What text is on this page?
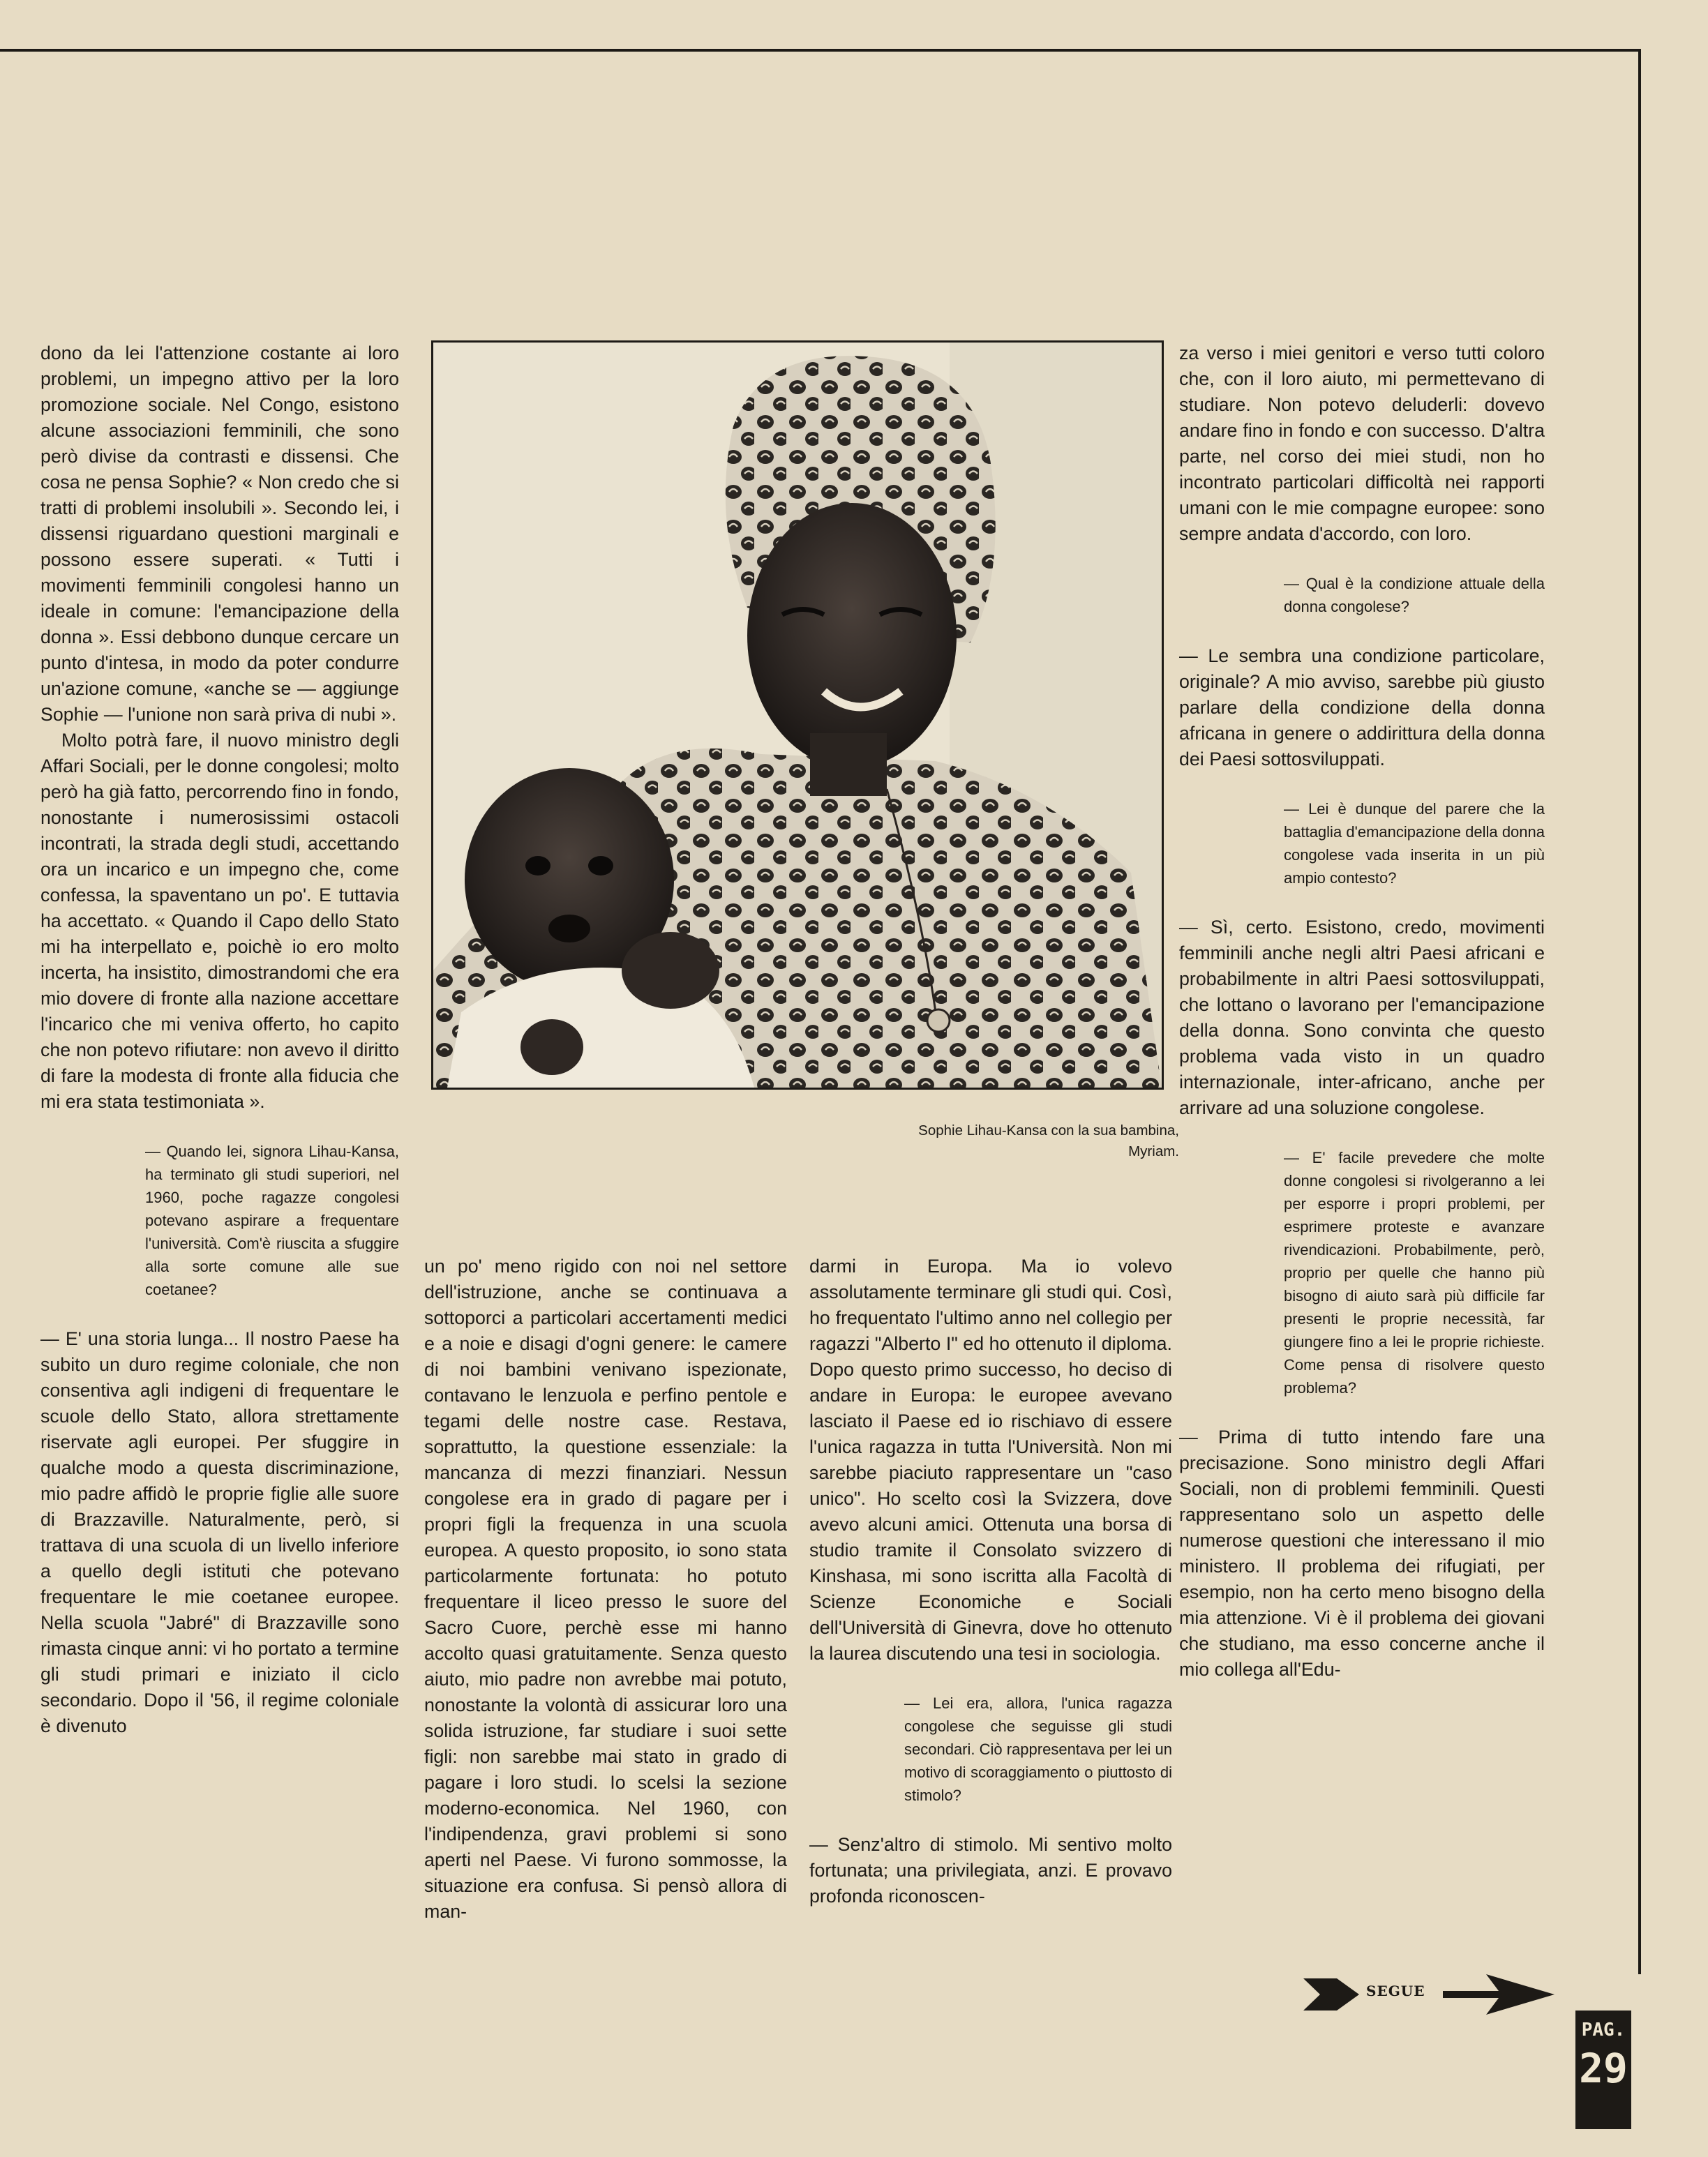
dono da lei l'attenzione costante ai loro problemi, un impegno attivo per la loro promozione sociale. Nel Congo, esistono alcune associazioni femminili, che sono però divise da contrasti e dissensi. Che cosa ne pensa Sophie? « Non credo che si tratti di problemi insolubili ». Secondo lei, i dissensi riguardano questioni marginali e possono essere superati. « Tutti i movimenti femminili congolesi hanno un ideale in comune: l'emancipazione della donna ». Essi debbono dunque cercare un punto d'intesa, in modo da poter condurre un'azione comune, «anche se — aggiunge Sophie — l'unione non sarà priva di nubi ».

Molto potrà fare, il nuovo ministro degli Affari Sociali, per le donne congolesi; molto però ha già fatto, percorrendo fino in fondo, nonostante i numerosissimi ostacoli incontrati, la strada degli studi, accettando ora un incarico e un impegno che, come confessa, la spaventano un po'. E tuttavia ha accettato. « Quando il Capo dello Stato mi ha interpellato e, poichè io ero molto incerta, ha insistito, dimostrandomi che era mio dovere di fronte alla nazione accettare l'incarico che mi veniva offerto, ho capito che non potevo rifiutare: non avevo il diritto di fare la modesta di fronte alla fiducia che mi era stata testimoniata ».

— Quando lei, signora Lihau-Kansa, ha terminato gli studi superiori, nel 1960, poche ragazze congolesi potevano aspirare a frequentare l'università. Com'è riuscita a sfuggire alla sorte comune alle sue coetanee?

— E' una storia lunga... Il nostro Paese ha subito un duro regime coloniale, che non consentiva agli indigeni di frequentare le scuole dello Stato, allora strettamente riservate agli europei. Per sfuggire in qualche modo a questa discriminazione, mio padre affidò le proprie figlie alle suore di Brazzaville. Naturalmente, però, si trattava di una scuola di un livello inferiore a quello degli istituti che potevano frequentare le mie coetanee europee. Nella scuola "Jabré" di Brazzaville sono rimasta cinque anni: vi ho portato a termine gli studi primari e iniziato il ciclo secondario. Dopo il '56, il regime coloniale è divenuto

Sophie Lihau-Kansa con la sua bambina, Myriam.

un po' meno rigido con noi nel settore dell'istruzione, anche se continuava a sottoporci a particolari accertamenti medici e a noie e disagi d'ogni genere: le camere di noi bambini venivano ispezionate, contavano le lenzuola e perfino pentole e tegami delle nostre case. Restava, soprattutto, la questione essenziale: la mancanza di mezzi finanziari. Nessun congolese era in grado di pagare per i propri figli la frequenza in una scuola europea. A questo proposito, io sono stata particolarmente fortunata: ho potuto frequentare il liceo presso le suore del Sacro Cuore, perchè esse mi hanno accolto quasi gratuitamente. Senza questo aiuto, mio padre non avrebbe mai potuto, nonostante la volontà di assicurar loro una solida istruzione, far studiare i suoi sette figli: non sarebbe mai stato in grado di pagare i loro studi. Io scelsi la sezione moderno-economica. Nel 1960, con l'indipendenza, gravi problemi si sono aperti nel Paese. Vi furono sommosse, la situazione era confusa. Si pensò allora di man-

darmi in Europa. Ma io volevo assolutamente terminare gli studi qui. Così, ho frequentato l'ultimo anno nel collegio per ragazzi "Alberto I" ed ho ottenuto il diploma. Dopo questo primo successo, ho deciso di andare in Europa: le europee avevano lasciato il Paese ed io rischiavo di essere l'unica ragazza in tutta l'Università. Non mi sarebbe piaciuto rappresentare un "caso unico". Ho scelto così la Svizzera, dove avevo alcuni amici. Ottenuta una borsa di studio tramite il Consolato svizzero di Kinshasa, mi sono iscritta alla Facoltà di Scienze Economiche e Sociali dell'Università di Ginevra, dove ho ottenuto la laurea discutendo una tesi in sociologia.

— Lei era, allora, l'unica ragazza congolese che seguisse gli studi secondari. Ciò rappresentava per lei un motivo di scoraggiamento o piuttosto di stimolo?

— Senz'altro di stimolo. Mi sentivo molto fortunata; una privilegiata, anzi. E provavo profonda riconoscen-

za verso i miei genitori e verso tutti coloro che, con il loro aiuto, mi permettevano di studiare. Non potevo deluderli: dovevo andare fino in fondo e con successo. D'altra parte, nel corso dei miei studi, non ho incontrato particolari difficoltà nei rapporti umani con le mie compagne europee: sono sempre andata d'accordo, con loro.

— Qual è la condizione attuale della donna congolese?

— Le sembra una condizione particolare, originale? A mio avviso, sarebbe più giusto parlare della condizione della donna africana in genere o addirittura della donna dei Paesi sottosviluppati.

— Lei è dunque del parere che la battaglia d'emancipazione della donna congolese vada inserita in un più ampio contesto?

— Sì, certo. Esistono, credo, movimenti femminili anche negli altri Paesi africani e probabilmente in altri Paesi sottosviluppati, che lottano o lavorano per l'emancipazione della donna. Sono convinta che questo problema vada visto in un quadro internazionale, inter-africano, anche per arrivare ad una soluzione congolese.

— E' facile prevedere che molte donne congolesi si rivolgeranno a lei per esporre i propri problemi, per esprimere proteste e avanzare rivendicazioni. Probabilmente, però, proprio per quelle che hanno più bisogno di aiuto sarà più difficile far presenti le proprie necessità, far giungere fino a lei le proprie richieste. Come pensa di risolvere questo problema?

— Prima di tutto intendo fare una precisazione. Sono ministro degli Affari Sociali, non di problemi femminili. Questi rappresentano solo un aspetto delle numerose questioni che interessano il mio ministero. Il problema dei rifugiati, per esempio, non ha certo meno bisogno della mia attenzione. Vi è il problema dei giovani che studiano, ma esso concerne anche il mio collega all'Edu-

SEGUE
PAG.
29
